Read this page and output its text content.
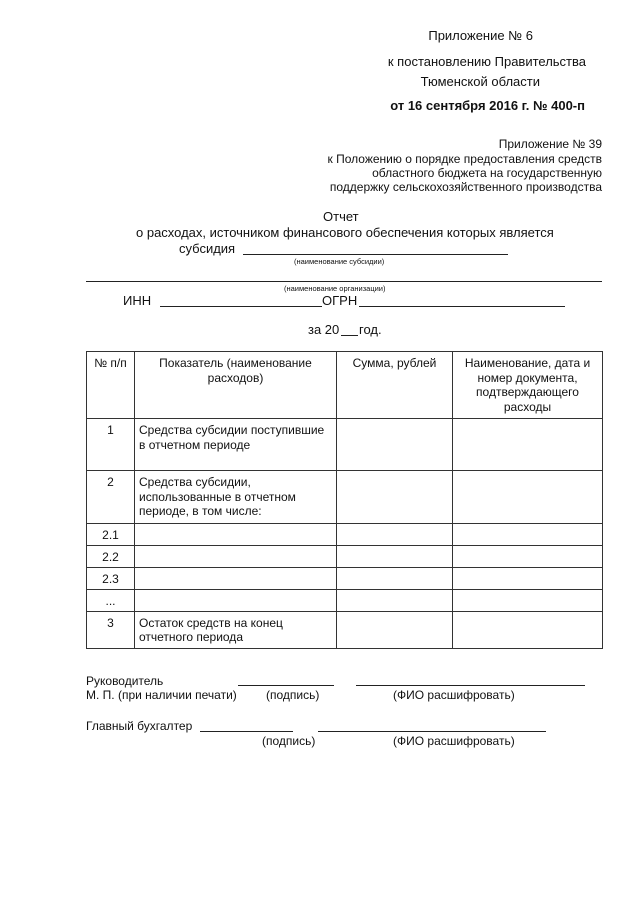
Приложение № 6
к постановлению Правительства
Тюменской области
от 16 сентября 2016 г. № 400-п
Приложение № 39
к Положению о порядке предоставления средств
областного бюджета на государственную
поддержку сельскохозяйственного производства
Отчет
о расходах, источником финансового обеспечения которых является
субсидия
(наименование субсидии)
(наименование организации)
ИНН	ОГРН
за 20 год.
№ п/п	Показатель (наименование расходов)	Сумма, рублей	Наименование, дата и номер документа, подтверждающего расходы
1	Средства субсидии поступившие в отчетном периоде		
2	Средства субсидии, использованные в отчетном периоде, в том числе:		
2.1			
2.2			
2.3			
...			
3	Остаток средств на конец отчетного периода		
Руководитель
М. П. (при наличии печати) (подпись)	(ФИО расшифровать)
Главный бухгалтер
(подпись)	(ФИО расшифровать)
